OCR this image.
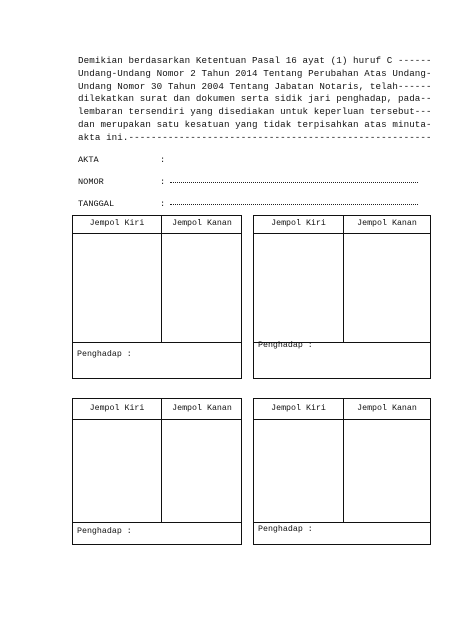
Demikian berdasarkan Ketentuan Pasal 16 ayat (1) huruf C ------
Undang-Undang Nomor 2 Tahun 2014 Tentang Perubahan Atas Undang-
Undang Nomor 30 Tahun 2004 Tentang Jabatan Notaris, telah------
dilekatkan surat dan dokumen serta sidik jari penghadap, pada--
lembaran tersendiri yang disediakan untuk keperluan tersebut---
dan merupakan satu kesatuan yang tidak terpisahkan atas minuta-
akta ini.------------------------------------------------------
AKTA	:
NOMOR	:
TANGGAL	:
Jempol Kiri	Jempol Kanan
Penghadap :
Jempol Kiri	Jempol Kanan
Penghadap :
Jempol Kiri	Jempol Kanan
Penghadap :
Jempol Kiri	Jempol Kanan
Penghadap :
